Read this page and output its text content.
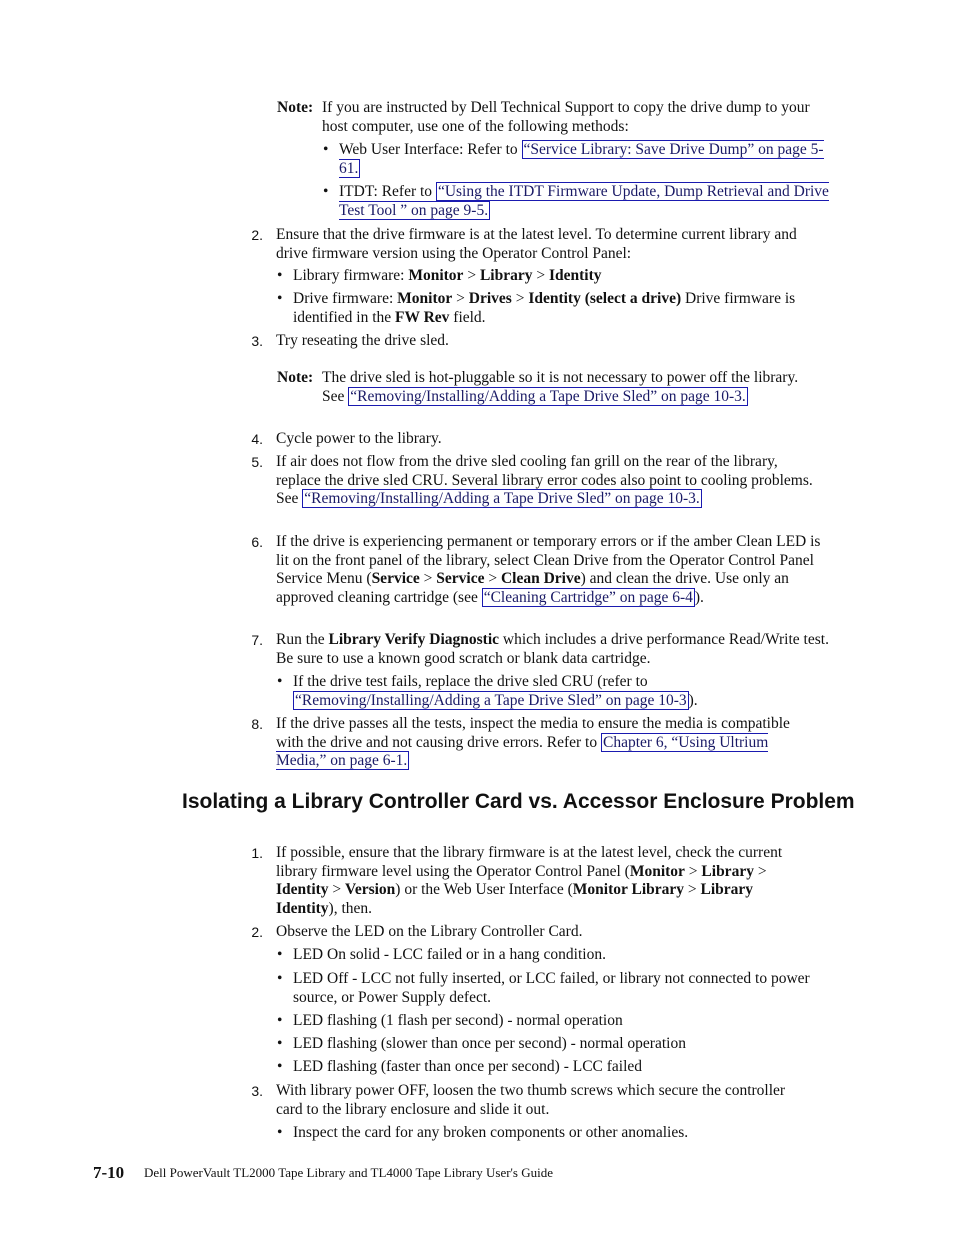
Note: If you are instructed by Dell Technical Support to copy the drive dump to your host computer, use one of the following methods:
• Web User Interface: Refer to “Service Library: Save Drive Dump” on page 5-61.
• ITDT: Refer to “Using the ITDT Firmware Update, Dump Retrieval and Drive Test Tool ” on page 9-5.
2. Ensure that the drive firmware is at the latest level. To determine current library and drive firmware version using the Operator Control Panel:
• Library firmware: Monitor > Library > Identity
• Drive firmware: Monitor > Drives > Identity (select a drive) Drive firmware is identified in the FW Rev field.
3. Try reseating the drive sled.
Note: The drive sled is hot-pluggable so it is not necessary to power off the library. See “Removing/Installing/Adding a Tape Drive Sled” on page 10-3.
4. Cycle power to the library.
5. If air does not flow from the drive sled cooling fan grill on the rear of the library, replace the drive sled CRU. Several library error codes also point to cooling problems. See “Removing/Installing/Adding a Tape Drive Sled” on page 10-3.
6. If the drive is experiencing permanent or temporary errors or if the amber Clean LED is lit on the front panel of the library, select Clean Drive from the Operator Control Panel Service Menu (Service > Service > Clean Drive) and clean the drive. Use only an approved cleaning cartridge (see “Cleaning Cartridge” on page 6-4 ).
7. Run the Library Verify Diagnostic which includes a drive performance Read/Write test. Be sure to use a known good scratch or blank data cartridge.
• If the drive test fails, replace the drive sled CRU (refer to “Removing/Installing/Adding a Tape Drive Sled” on page 10-3 ).
8. If the drive passes all the tests, inspect the media to ensure the media is compatible with the drive and not causing drive errors. Refer to Chapter 6, “Using Ultrium Media,” on page 6-1.
Isolating a Library Controller Card vs. Accessor Enclosure Problem
1. If possible, ensure that the library firmware is at the latest level, check the current library firmware level using the Operator Control Panel (Monitor > Library > Identity > Version) or the Web User Interface (Monitor Library > Library Identity), then.
2. Observe the LED on the Library Controller Card.
• LED On solid - LCC failed or in a hang condition.
• LED Off - LCC not fully inserted, or LCC failed, or library not connected to power source, or Power Supply defect.
• LED flashing (1 flash per second) - normal operation
• LED flashing (slower than once per second) - normal operation
• LED flashing (faster than once per second) - LCC failed
3. With library power OFF, loosen the two thumb screws which secure the controller card to the library enclosure and slide it out.
• Inspect the card for any broken components or other anomalies.
7-10 Dell PowerVault TL2000 Tape Library and TL4000 Tape Library User's Guide
